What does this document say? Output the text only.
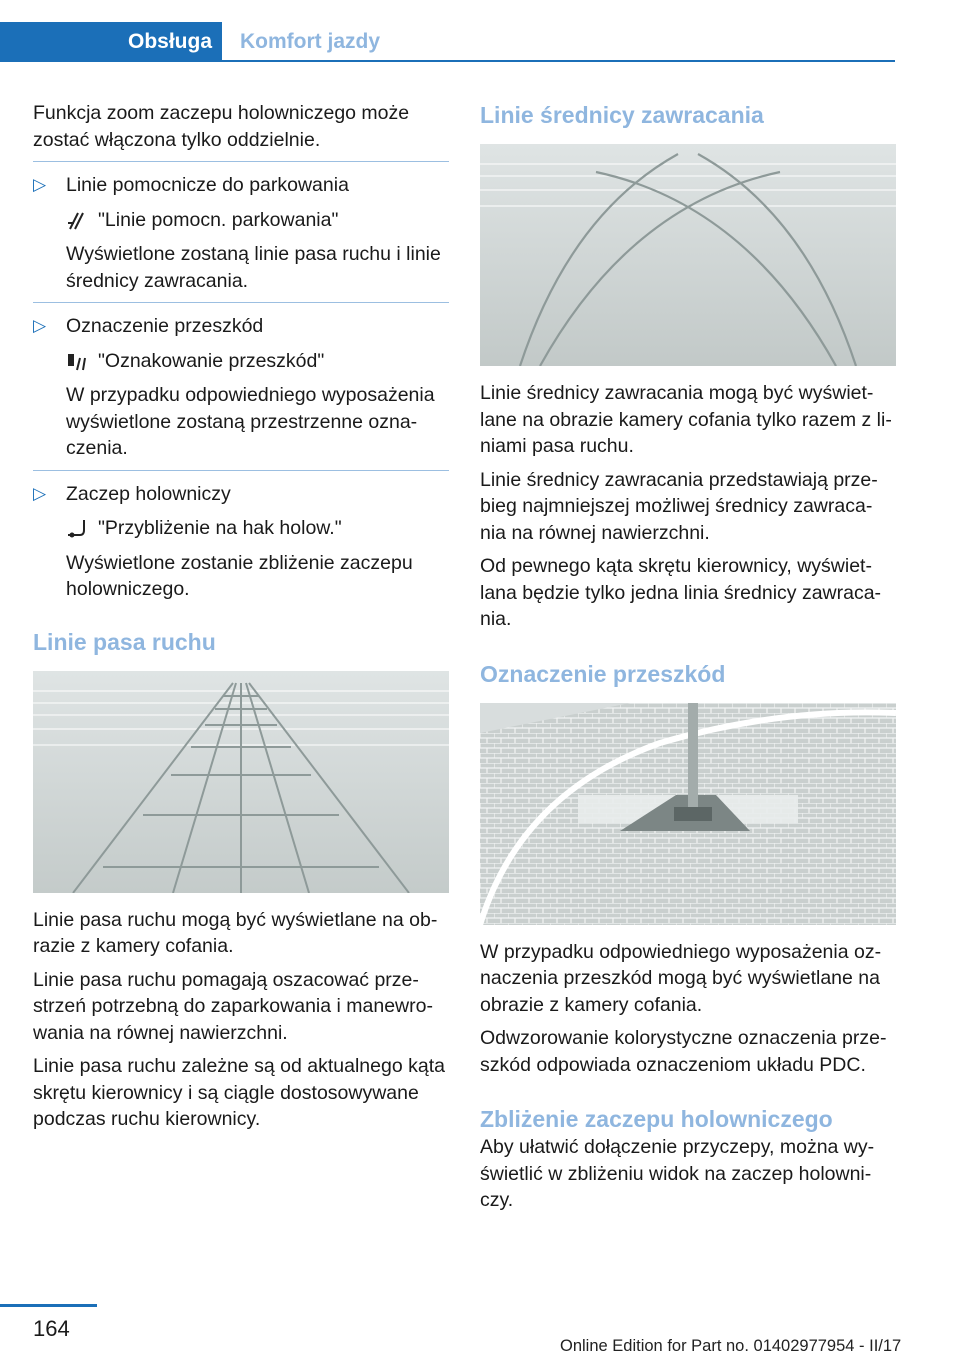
Obsługa Komfort jazdy

Funkcja zoom zaczepu holowniczego może zostać włączona tylko oddzielnie.

▷ Linie pomocnicze do parkowania

"Linie pomocn. parkowania"

Wyświetlone zostaną linie pasa ruchu i linie średnicy zawracania.

▷ Oznaczenie przeszkód

"Oznakowanie przeszkód"

W przypadku odpowiedniego wyposażenia wyświetlone zostaną przestrzenne ozna‐czenia.

▷ Zaczep holowniczy

"Przybliżenie na hak holow."

Wyświetlone zostanie zbliżenie zaczepu holowniczego.

Linie pasa ruchu

Linie pasa ruchu mogą być wyświetlane na ob‐razie z kamery cofania.

Linie pasa ruchu pomagają oszacować prze‐strzeń potrzebną do zaparkowania i manewro‐wania na równej nawierzchni.

Linie pasa ruchu zależne są od aktualnego kąta skrętu kierownicy i są ciągle dostosowywane podczas ruchu kierownicy.

Linie średnicy zawracania

Linie średnicy zawracania mogą być wyświet‐lane na obrazie kamery cofania tylko razem z li‐niami pasa ruchu.

Linie średnicy zawracania przedstawiają prze‐bieg najmniejszej możliwej średnicy zawraca‐nia na równej nawierzchni.

Od pewnego kąta skrętu kierownicy, wyświet‐lana będzie tylko jedna linia średnicy zawraca‐nia.

Oznaczenie przeszkód

W przypadku odpowiedniego wyposażenia oz‐naczenia przeszkód mogą być wyświetlane na obrazie z kamery cofania.

Odwzorowanie kolorystyczne oznaczenia prze‐szkód odpowiada oznaczeniom układu PDC.

Zbliżenie zaczepu holowniczego

Aby ułatwić dołączenie przyczepy, można wy‐świetlić w zbliżeniu widok na zaczep holowni‐czy.

164
Online Edition for Part no. 01402977954 - II/17
